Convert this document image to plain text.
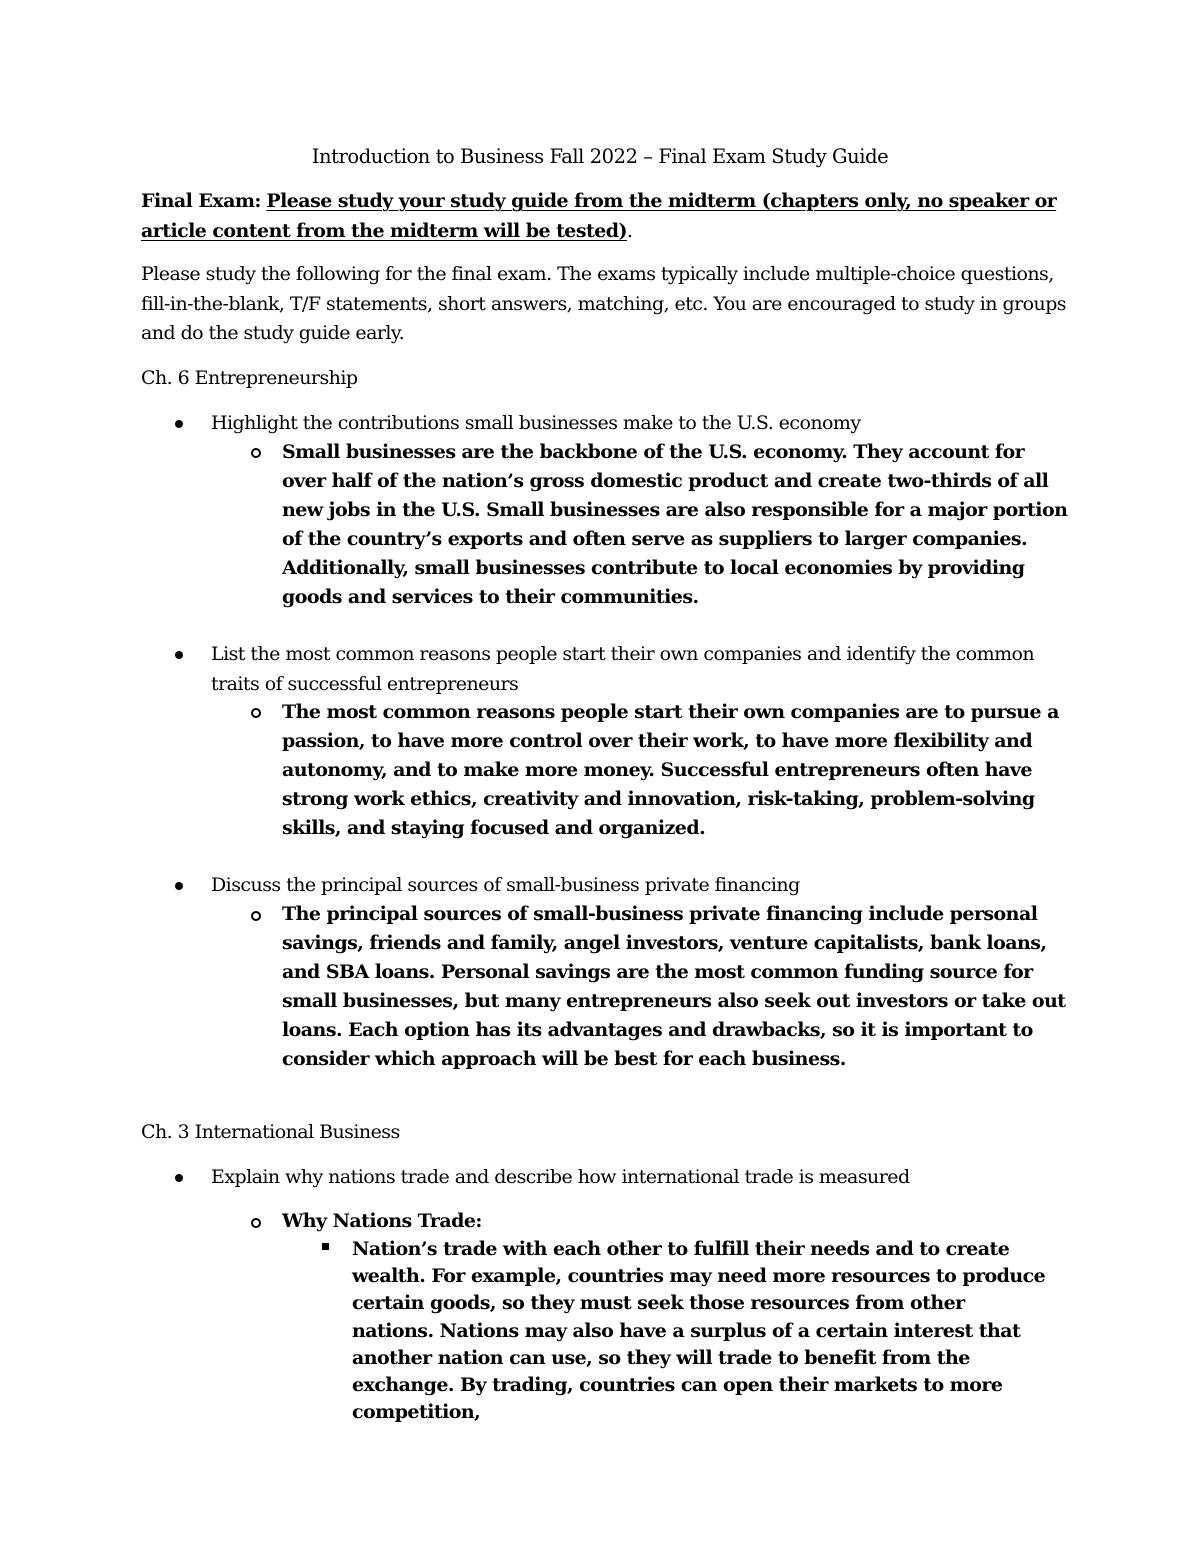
Introduction to Business Fall 2022 – Final Exam Study Guide

Final Exam: Please study your study guide from the midterm (chapters only, no speaker or article content from the midterm will be tested).

Please study the following for the final exam. The exams typically include multiple-choice questions, fill-in-the-blank, T/F statements, short answers, matching, etc. You are encouraged to study in groups and do the study guide early.

Ch. 6 Entrepreneurship

Highlight the contributions small businesses make to the U.S. economy

Small businesses are the backbone of the U.S. economy. They account for over half of the nation’s gross domestic product and create two-thirds of all new jobs in the U.S. Small businesses are also responsible for a major portion of the country’s exports and often serve as suppliers to larger companies. Additionally, small businesses contribute to local economies by providing goods and services to their communities.

List the most common reasons people start their own companies and identify the common traits of successful entrepreneurs

The most common reasons people start their own companies are to pursue a passion, to have more control over their work, to have more flexibility and autonomy, and to make more money. Successful entrepreneurs often have strong work ethics, creativity and innovation, risk-taking, problem-solving skills, and staying focused and organized.

Discuss the principal sources of small-business private financing

The principal sources of small-business private financing include personal savings, friends and family, angel investors, venture capitalists, bank loans, and SBA loans. Personal savings are the most common funding source for small businesses, but many entrepreneurs also seek out investors or take out loans. Each option has its advantages and drawbacks, so it is important to consider which approach will be best for each business.

Ch. 3 International Business

Explain why nations trade and describe how international trade is measured

Why Nations Trade:

Nation’s trade with each other to fulfill their needs and to create wealth. For example, countries may need more resources to produce certain goods, so they must seek those resources from other nations. Nations may also have a surplus of a certain interest that another nation can use, so they will trade to benefit from the exchange. By trading, countries can open their markets to more competition,
